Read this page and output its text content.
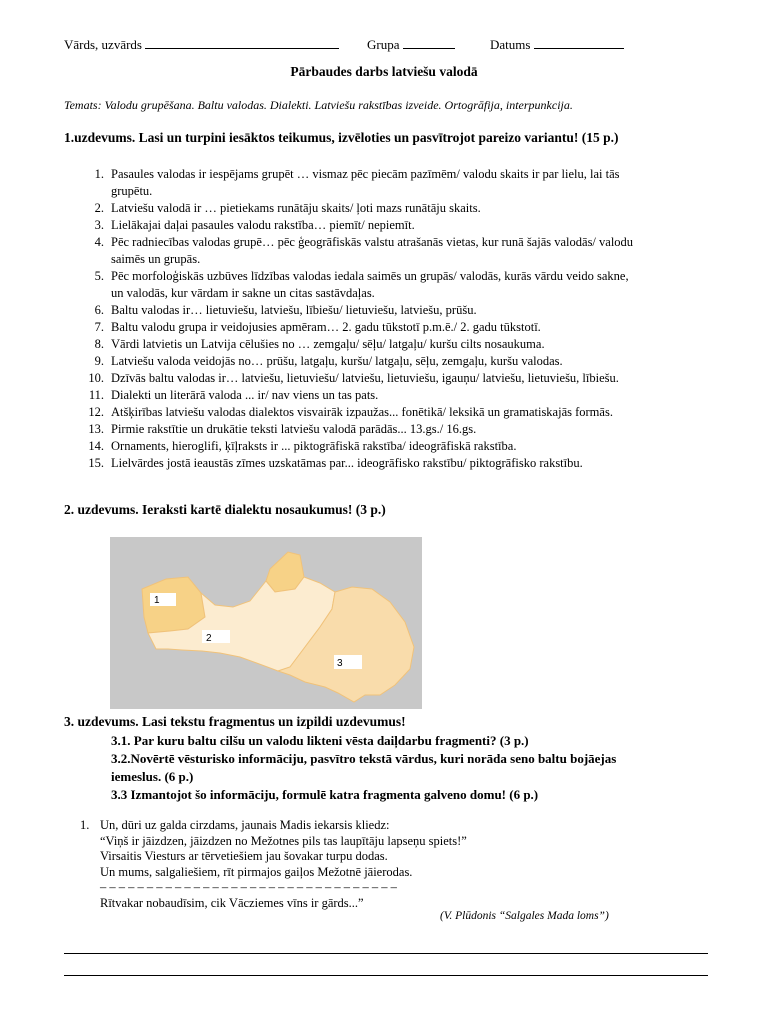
Vārds, uzvārds	Grupa	Datums
Pārbaudes darbs latviešu valodā
Temats: Valodu grupēšana. Baltu valodas. Dialekti. Latviešu rakstības izveide. Ortogrāfija, interpunkcija.
1.uzdevums. Lasi un turpini iesāktos teikumus, izvēloties un pasvītrojot pareizo variantu! (15 p.)
1. Pasaules valodas ir iespējams grupēt … vismaz pēc piecām pazīmēm/ valodu skaits ir par lielu, lai tās
grupētu.
2. Latviešu valodā ir … pietiekams runātāju skaits/ ļoti mazs runātāju skaits.
3. Lielākajai daļai pasaules valodu rakstība… piemīt/ nepiemīt.
4. Pēc radniecības valodas grupē… pēc ģeogrāfiskās valstu atrašanās vietas, kur runā šajās valodās/ valodu
saimēs un grupās.
5. Pēc morfoloģiskās uzbūves līdzības valodas iedala saimēs un grupās/ valodās, kurās vārdu veido sakne,
un valodās, kur vārdam ir sakne un citas sastāvdaļas.
6. Baltu valodas ir… lietuviešu, latviešu, lībiešu/ lietuviešu, latviešu, prūšu.
7. Baltu valodu grupa ir veidojusies apmēram… 2. gadu tūkstotī p.m.ē./ 2. gadu tūkstotī.
8. Vārdi latvietis un Latvija cēlušies no … zemgaļu/ sēļu/ latgaļu/ kuršu cilts nosaukuma.
9. Latviešu valoda veidojās no… prūšu, latgaļu, kuršu/ latgaļu, sēļu, zemgaļu, kuršu valodas.
10. Dzīvās baltu valodas ir… latviešu, lietuviešu/ latviešu, lietuviešu, igauņu/ latviešu, lietuviešu, lībiešu.
11. Dialekti un literārā valoda ... ir/ nav viens un tas pats.
12. Atšķirības latviešu valodas dialektos visvairāk izpaužas... fonētikā/ leksikā un gramatiskajās formās.
13. Pirmie rakstītie un drukātie teksti latviešu valodā parādās... 13.gs./ 16.gs.
14. Ornaments, hieroglifi, ķīļraksts ir ... piktogrāfiskā rakstība/ ideogrāfiskā rakstība.
15. Lielvārdes jostā ieaustās zīmes uzskatāmas par... ideogrāfisko rakstību/ piktogrāfisko rakstību.
2. uzdevums. Ieraksti kartē dialektu nosaukumus! (3 p.)
1
2
3
3. uzdevums. Lasi tekstu fragmentus un izpildi uzdevumus!
3.1. Par kuru baltu cilšu un valodu likteni vēsta daiļdarbu fragmenti? (3 p.)
3.2.Novērtē vēsturisko informāciju, pasvītro tekstā vārdus, kuri norāda seno baltu bojāejas
iemeslus. (6 p.)
3.3 Izmantojot šo informāciju, formulē katra fragmenta galveno domu! (6 p.)
1. Un, dūri uz galda cirzdams, jaunais Madis iekarsis kliedz:
“Viņš ir jāizdzen, jāizdzen no Mežotnes pils tas laupītāju lapseņu spiets!”
Virsaitis Viesturs ar tērvetiešiem jau šovakar turpu dodas.
Un mums, salgaliešiem, rīt pirmajos gaiļos Mežotnē jāierodas.
– – – – – – – – – – – – – – – – – – – – – – – – – – – – – – – –
Rītvakar nobaudīsim, cik Vācziemes vīns ir gārds...”
(V. Plūdonis “Salgales Mada loms”)
